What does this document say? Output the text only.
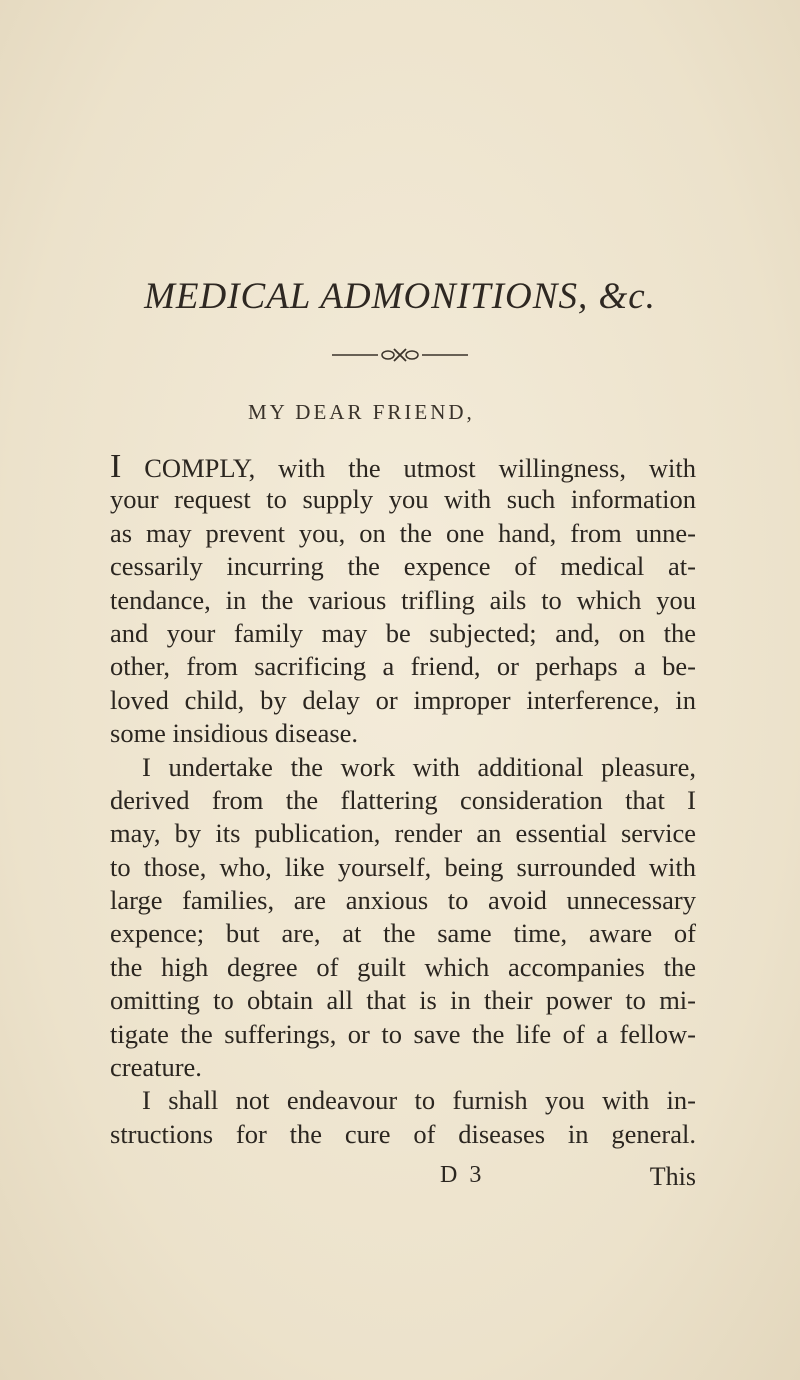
MEDICAL ADMONITIONS, &c.
MY DEAR FRIEND,
I COMPLY, with the utmost willingness, with
your request to supply you with such information
as may prevent you, on the one hand, from unne-
cessarily incurring the expence of medical at-
tendance, in the various trifling ails to which you
and your family may be subjected; and, on the
other, from sacrificing a friend, or perhaps a be-
loved child, by delay or improper interference, in
some insidious disease.
I undertake the work with additional pleasure,
derived from the flattering consideration that I
may, by its publication, render an essential service
to those, who, like yourself, being surrounded with
large families, are anxious to avoid unnecessary
expence; but are, at the same time, aware of
the high degree of guilt which accompanies the
omitting to obtain all that is in their power to mi-
tigate the sufferings, or to save the life of a fellow-
creature.
I shall not endeavour to furnish you with in-
structions for the cure of diseases in general.
D 3	This
